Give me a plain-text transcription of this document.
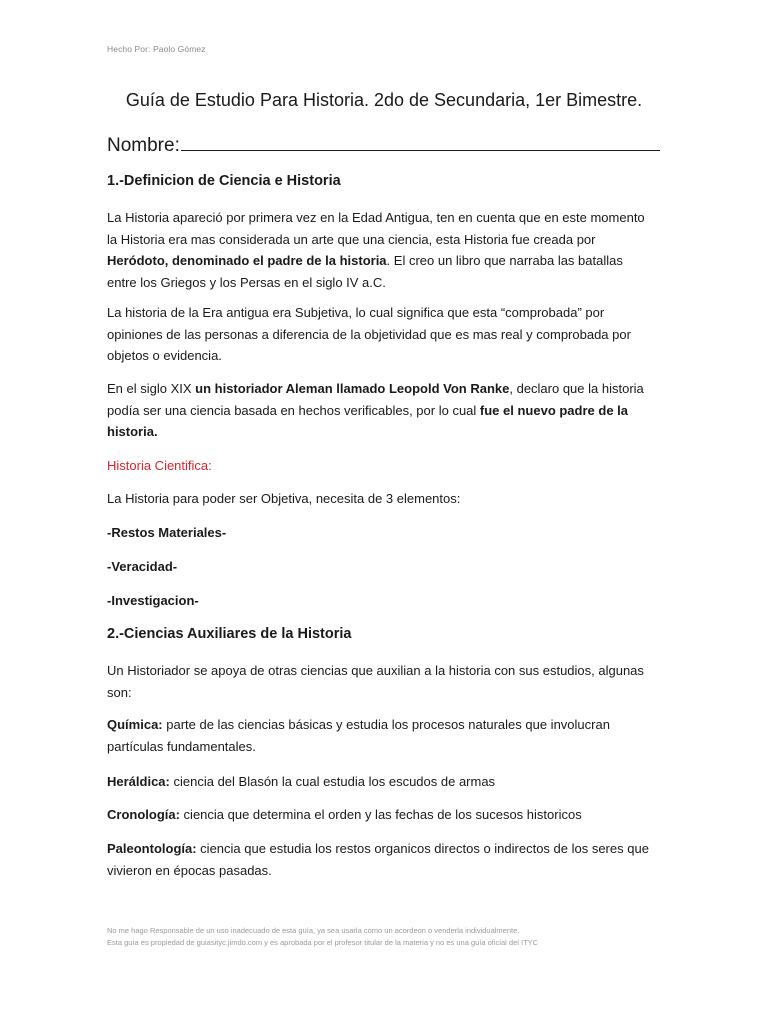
Hecho Por: Paolo Gómez
Guía de Estudio Para Historia. 2do de Secundaria, 1er Bimestre.
Nombre:
1.-Definicion de Ciencia e Historia

La Historia apareció por primera vez en la Edad Antigua, ten en cuenta que en este momento la Historia era mas considerada un arte que una ciencia, esta Historia fue creada por Heródoto, denominado el padre de la historia. El creo un libro que narraba las batallas entre los Griegos y los Persas en el siglo IV a.C.

La historia de la Era antigua era Subjetiva, lo cual significa que esta “comprobada” por opiniones de las personas a diferencia de la objetividad que es mas real y comprobada por objetos o evidencia.

En el siglo XIX un historiador Aleman llamado Leopold Von Ranke, declaro que la historia podía ser una ciencia basada en hechos verificables, por lo cual fue el nuevo padre de la historia.

Historia Cientifica:

La Historia para poder ser Objetiva, necesita de 3 elementos:

-Restos Materiales-

-Veracidad-

-Investigacion-

2.-Ciencias Auxiliares de la Historia

Un Historiador se apoya de otras ciencias que auxilian a la historia con sus estudios, algunas son:

Química: parte de las ciencias básicas y estudia los procesos naturales que involucran partículas fundamentales.

Heráldica: ciencia del Blasón la cual estudia los escudos de armas

Cronología: ciencia que determina el orden y las fechas de los sucesos historicos

Paleontología: ciencia que estudia los restos organicos directos o indirectos de los seres que vivieron en épocas pasadas.

No me hago Responsable de un uso inadecuado de esta guía, ya sea usarla como un acordeon o venderla individualmente.
Esta guía es propiedad de guiasityc.jimdo.com y es aprobada por el profesor titular de la materia y no es una guía oficial del ITYC
